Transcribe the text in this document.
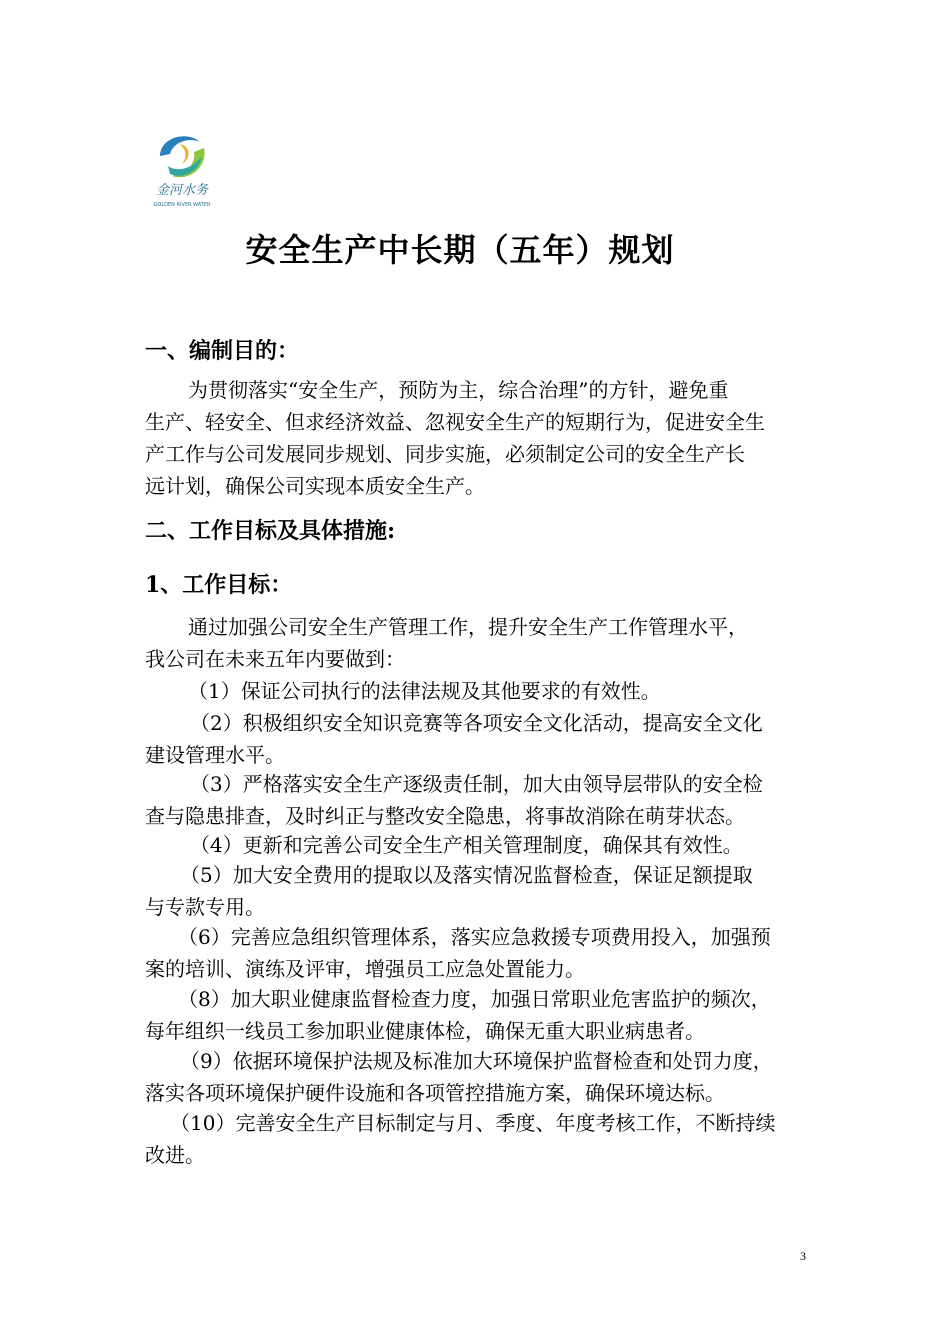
金河水务
GOLDEN RIVER WATER
安全生产中长期（五年）规划
一、编制目的：
为贯彻落实“安全生产，预防为主，综合治理”的方针，避免重
生产、轻安全、但求经济效益、忽视安全生产的短期行为，促进安全生
产工作与公司发展同步规划、同步实施，必须制定公司的安全生产长
远计划，确保公司实现本质安全生产。
二、工作目标及具体措施:
1、工作目标：
通过加强公司安全生产管理工作，提升安全生产工作管理水平，
我公司在未来五年内要做到：
（1）保证公司执行的法律法规及其他要求的有效性。
（2）积极组织安全知识竞赛等各项安全文化活动，提高安全文化
建设管理水平。
（3）严格落实安全生产逐级责任制，加大由领导层带队的安全检
查与隐患排查，及时纠正与整改安全隐患，将事故消除在萌芽状态。
（4）更新和完善公司安全生产相关管理制度，确保其有效性。
（5）加大安全费用的提取以及落实情况监督检查，保证足额提取
与专款专用。
（6）完善应急组织管理体系，落实应急救援专项费用投入，加强预
案的培训、演练及评审，增强员工应急处置能力。
（8）加大职业健康监督检查力度，加强日常职业危害监护的频次，
每年组织一线员工参加职业健康体检，确保无重大职业病患者。
（9）依据环境保护法规及标准加大环境保护监督检查和处罚力度，
落实各项环境保护硬件设施和各项管控措施方案，确保环境达标。
（10）完善安全生产目标制定与月、季度、年度考核工作，不断持续
改进。
3
